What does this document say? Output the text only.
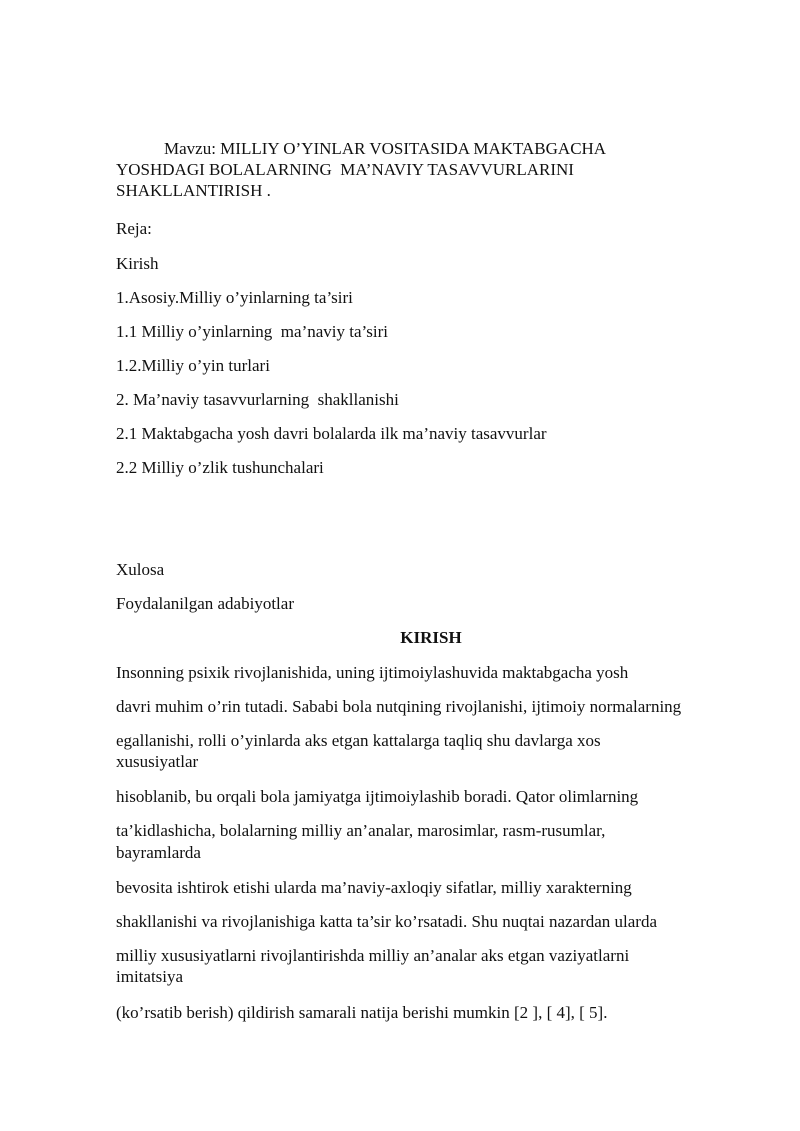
Mavzu: MILLIY O’YINLAR VOSITASIDA MAKTABGACHA YOSHDAGI BOLALARNING  MA’NAVIY TASAVVURLARINI SHAKLLANTIRISH .
Reja:
Kirish
1.Asosiy.Milliy o’yinlarning ta’siri
1.1 Milliy o’yinlarning  ma’naviy ta’siri
1.2.Milliy o’yin turlari
2. Ma’naviy tasavvurlarning  shakllanishi
2.1 Maktabgacha yosh davri bolalarda ilk ma’naviy tasavvurlar
2.2 Milliy o’zlik tushunchalari
Xulosa
Foydalanilgan adabiyotlar
KIRISH
Insonning psixik rivojlanishida, uning ijtimoiylashuvida maktabgacha yosh
davri muhim o’rin tutadi. Sababi bola nutqining rivojlanishi, ijtimoiy normalarning
egallanishi, rolli o’yinlarda aks etgan kattalarga taqliq shu davlarga xos
xususiyatlar
hisoblanib, bu orqali bola jamiyatga ijtimoiylashib boradi. Qator olimlarning
ta’kidlashicha, bolalarning milliy an’analar, marosimlar, rasm-rusumlar,
bayramlarda
bevosita ishtirok etishi ularda ma’naviy-axloqiy sifatlar, milliy xarakterning
shakllanishi va rivojlanishiga katta ta’sir ko’rsatadi. Shu nuqtai nazardan ularda
milliy xususiyatlarni rivojlantirishda milliy an’analar aks etgan vaziyatlarni
imitatsiya
(ko’rsatib berish) qildirish samarali natija berishi mumkin [2 ], [ 4], [ 5].
